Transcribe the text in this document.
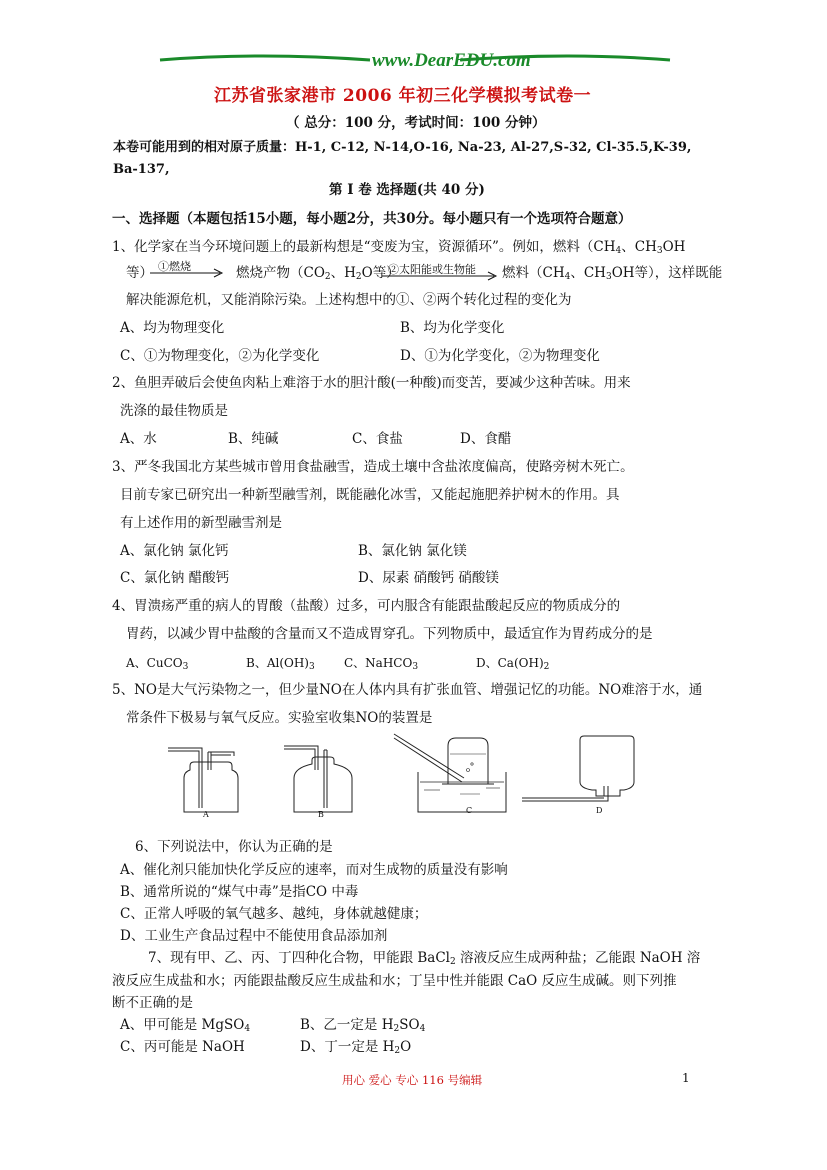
www.DearEDU.com
江苏省张家港市 2006 年初三化学模拟考试卷一
（ 总分：100 分，考试时间：100 分钟）
本卷可能用到的相对原子质量：H-1, C-12, N-14,O-16, Na-23, Al-27,S-32, Cl-35.5,K-39,
Ba-137,
第 I 卷 选择题(共 40 分)
一、选择题（本题包括15小题，每小题2分，共30分。每小题只有一个选项符合题意）
1、化学家在当今环境问题上的最新构想是“变废为宝，资源循环”。例如，燃料（$CH_4$、$CH_3OH$
等） ①燃烧	燃烧产物（$CO_2$、$H_2O$等）
②太阳能或生物能 燃料（$CH_4$、$CH_3OH$等），这样既能
解决能源危机，又能消除污染。上述构想中的①、②两个转化过程的变化为
A、均为物理变化	B、均为化学变化
C、①为物理变化，②为化学变化	D、①为化学变化，②为物理变化
2、鱼胆弄破后会使鱼肉粘上难溶于水的胆汁酸(一种酸)而变苦，要减少这种苦味。用来
洗涤的最佳物质是
A、水	B、纯碱	C、食盐	D、食醋
3、严冬我国北方某些城市曾用食盐融雪，造成土壤中含盐浓度偏高，使路旁树木死亡。
目前专家已研究出一种新型融雪剂，既能融化冰雪，又能起施肥养护树木的作用。具
有上述作用的新型融雪剂是
A、氯化钠 氯化钙	B、氯化钠 氯化镁
C、氯化钠 醋酸钙	D、尿素 硝酸钙 硝酸镁
4、胃溃疡严重的病人的胃酸（盐酸）过多，可内服含有能跟盐酸起反应的物质成分的
胃药，以减少胃中盐酸的含量而又不造成胃穿孔。下列物质中，最适宜作为胃药成分的是
A、CuCO$_3$	B、$Al(OH)_3$ C、NaHCO$_3$	D、$Ca(OH)_2$
5、NO是大气污染物之一，但少量NO在人体内具有扩张血管、增强记忆的功能。NO难溶于水，通
常条件下极易与氧气反应。实验室收集NO的装置是
A	B	C	D
6、下列说法中，你认为正确的是
A、催化剂只能加快化学反应的速率，而对生成物的质量没有影响
B、通常所说的“煤气中毒”是指CO 中毒
C、正常人呼吸的氧气越多、越纯，身体就越健康；
D、工业生产食品过程中不能使用食品添加剂
7、现有甲、乙、丙、丁四种化合物，甲能跟 BaCl$_2$ 溶液反应生成两种盐；乙能跟 NaOH 溶
液反应生成盐和水；丙能跟盐酸反应生成盐和水；丁呈中性并能跟 CaO 反应生成碱。则下列推
断不正确的是
A、甲可能是 MgSO$_4$	B、乙一定是 $H_2SO_4$
C、丙可能是 NaOH	D、丁一定是 $H_2O$
用心 爱心 专心 116 号编辑	1
